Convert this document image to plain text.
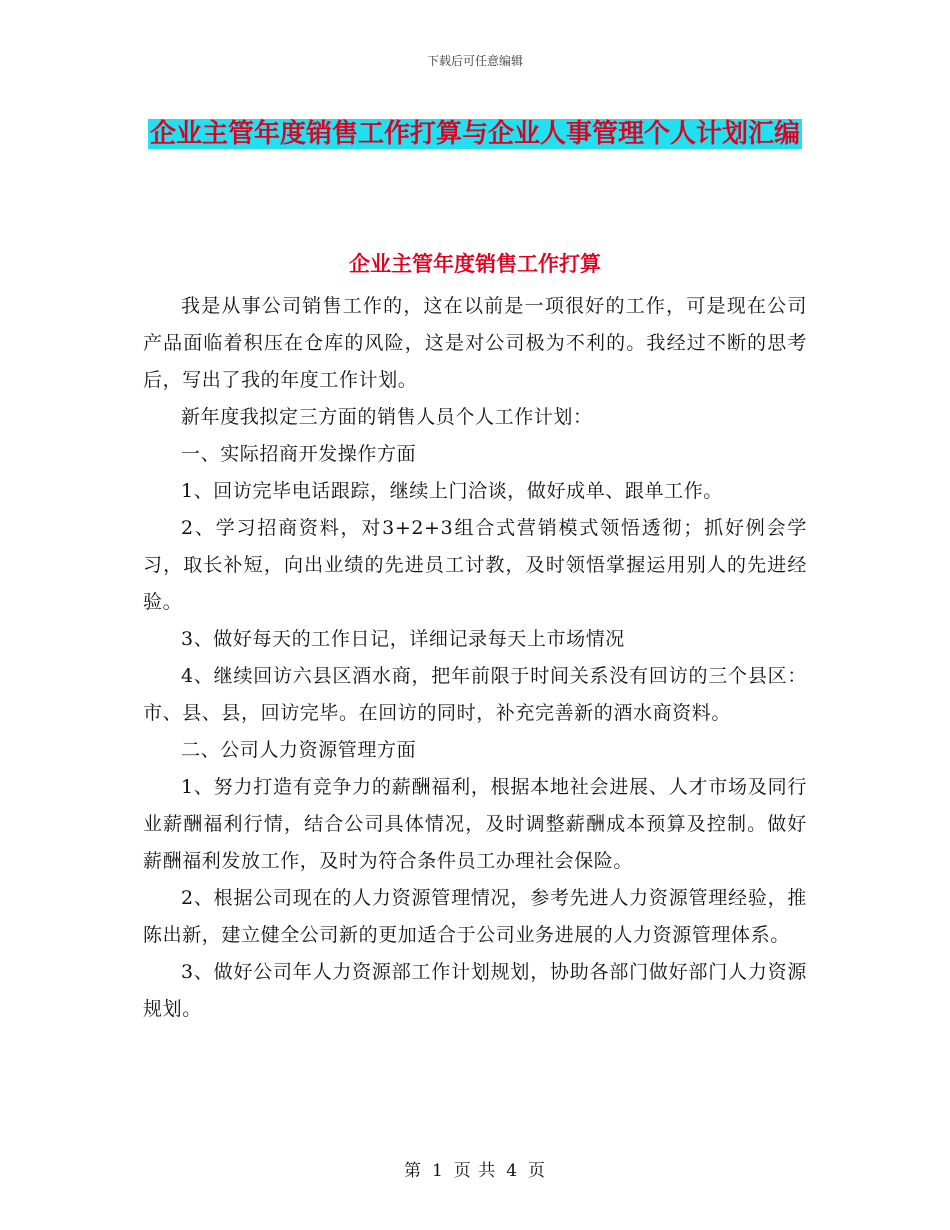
下载后可任意编辑
企业主管年度销售工作打算与企业人事管理个人计划汇编
企业主管年度销售工作打算

我是从事公司销售工作的，这在以前是一项很好的工作，可是现在公司产品面临着积压在仓库的风险，这是对公司极为不利的。我经过不断的思考后，写出了我的年度工作计划。

新年度我拟定三方面的销售人员个人工作计划：

一、实际招商开发操作方面

1、回访完毕电话跟踪，继续上门洽谈，做好成单、跟单工作。

2、学习招商资料，对3+2+3组合式营销模式领悟透彻；抓好例会学习，取长补短，向出业绩的先进员工讨教，及时领悟掌握运用别人的先进经验。

3、做好每天的工作日记，详细记录每天上市场情况

4、继续回访六县区酒水商，把年前限于时间关系没有回访的三个县区：市、县、县，回访完毕。在回访的同时，补充完善新的酒水商资料。

二、公司人力资源管理方面

1、努力打造有竞争力的薪酬福利，根据本地社会进展、人才市场及同行业薪酬福利行情，结合公司具体情况，及时调整薪酬成本预算及控制。做好薪酬福利发放工作，及时为符合条件员工办理社会保险。

2、根据公司现在的人力资源管理情况，参考先进人力资源管理经验，推陈出新，建立健全公司新的更加适合于公司业务进展的人力资源管理体系。

3、做好公司年人力资源部工作计划规划，协助各部门做好部门人力资源规划。

第 1 页 共 4 页
